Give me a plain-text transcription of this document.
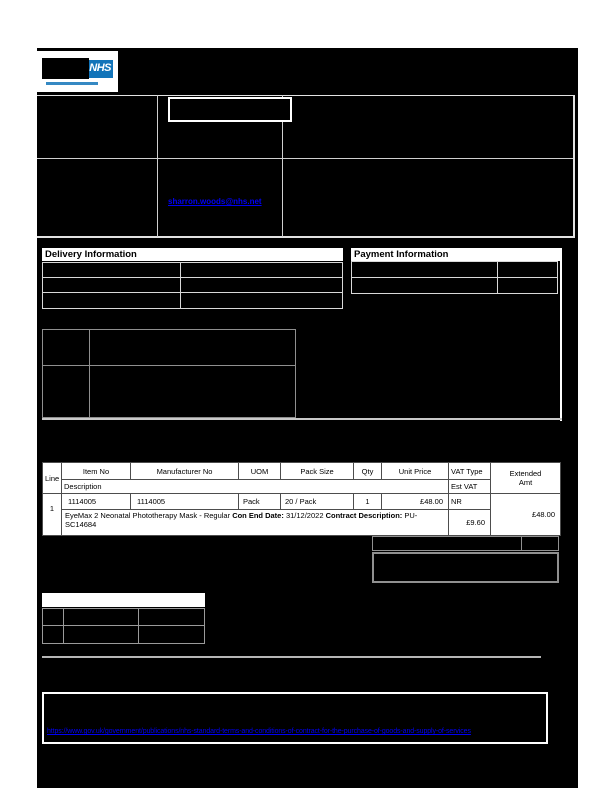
NHS
sharron.woods@nhs.net
Delivery Information	Payment Information
Line	Item No	Manufacturer No	UOM	Pack Size	Qty	Unit Price	VAT Type	Extended Amt

	Description						Est VAT	
1	1114005	1114005	Pack	20 / Pack	1	£48.00	NR	£48.00
	EyeMax 2 Neonatal Phototherapy Mask - Regular Con End Date: 31/12/2022 Contract Description: PU-SC14684						£9.60	
https://www.gov.uk/government/publications/nhs-standard-terms-and-conditions-of-contract-for-the-purchase-of-goods-and-supply-of-services
